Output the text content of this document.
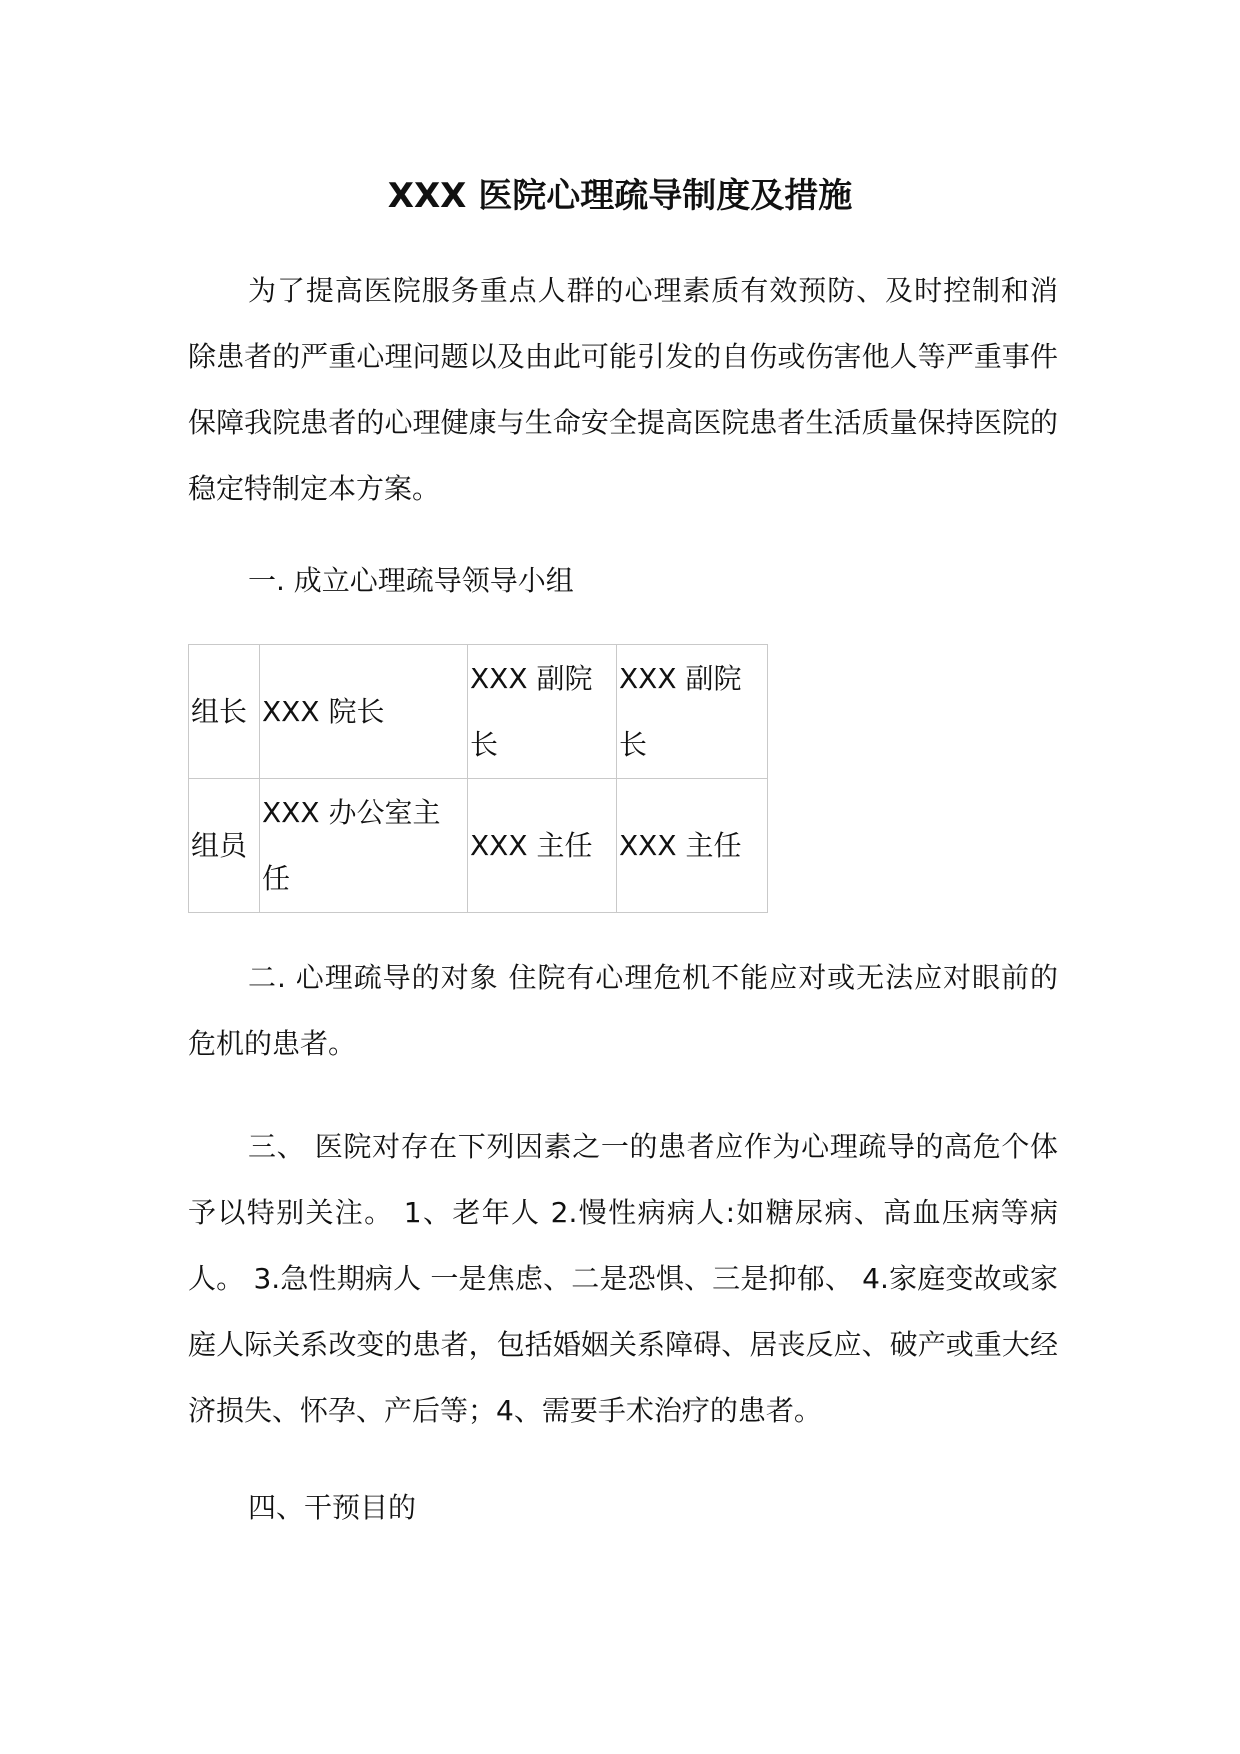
XXX 医院心理疏导制度及措施

为了提高医院服务重点人群的心理素质有效预防、及时控制和消除患者的严重心理问题以及由此可能引发的自伤或伤害他人等严重事件保障我院患者的心理健康与生命安全提高医院患者生活质量保持医院的稳定特制定本方案。

一. 成立心理疏导领导小组

组长	XXX 院长	XXX 副院长	XXX 副院长
组员	XXX 办公室主任	XXX 主任	XXX 主任

二. 心理疏导的对象 住院有心理危机不能应对或无法应对眼前的危机的患者。

三、 医院对存在下列因素之一的患者应作为心理疏导的高危个体予以特别关注。 1、老年人 2.慢性病病人:如糖尿病、高血压病等病人。 3.急性期病人 一是焦虑、二是恐惧、三是抑郁、 4.家庭变故或家庭人际关系改变的患者，包括婚姻关系障碍、居丧反应、破产或重大经济损失、怀孕、产后等；4、需要手术治疗的患者。

四、干预目的
